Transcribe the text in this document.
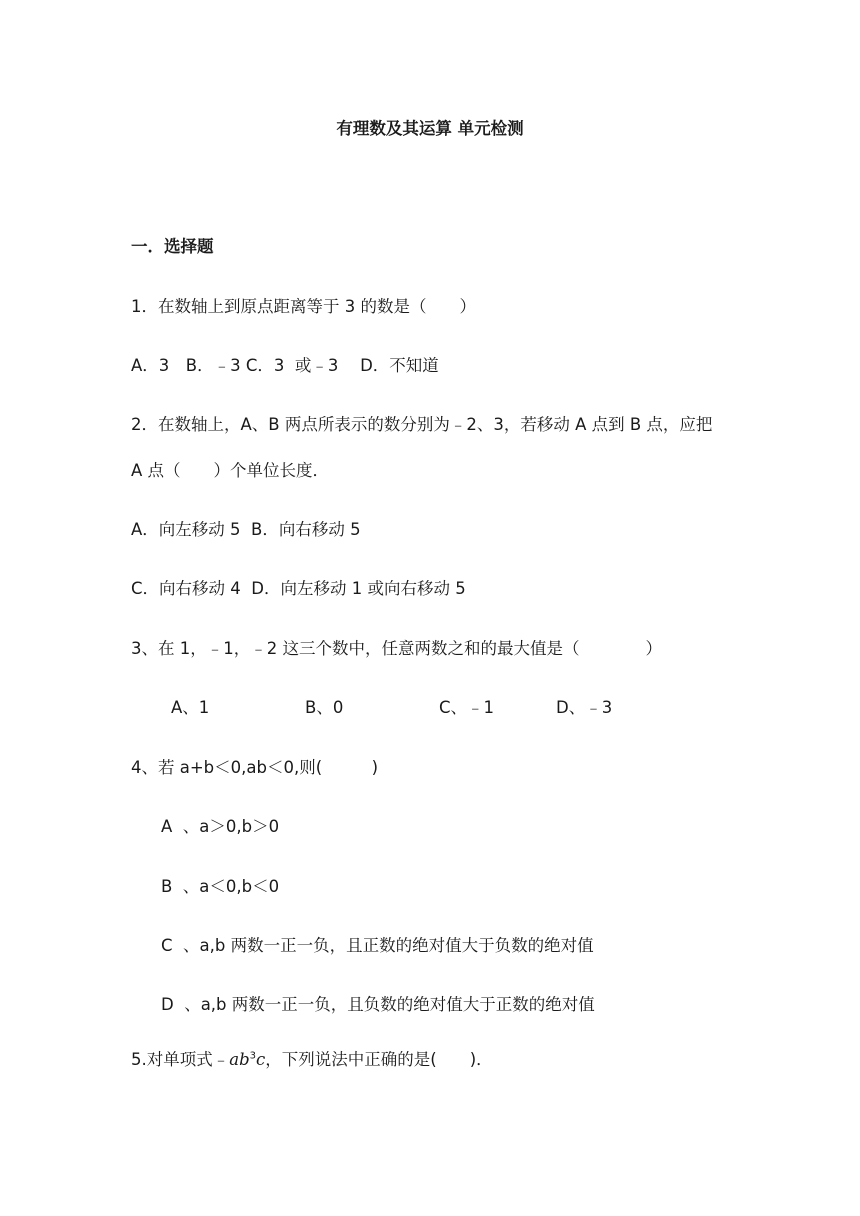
有理数及其运算 单元检测
一．选择题
1．在数轴上到原点距离等于 3 的数是（　　）
A．3　B．﹣3 C．3  或﹣3　 D．不知道
2．在数轴上，A、B 两点所表示的数分别为﹣2、3，若移动 A 点到 B 点，应把
A 点（　　）个单位长度．
A．向左移动 5  B．向右移动 5
C．向右移动 4  D．向左移动 1 或向右移动 5
3、在 1，﹣1，﹣2 这三个数中，任意两数之和的最大值是（　　　　）
A、1	B、0	C、﹣1	D、﹣3
4、若 a+b＜0,ab＜0,则(　　　)
A  、a＞0,b＞0
B  、a＜0,b＜0
C  、a,b 两数一正一负，且正数的绝对值大于负数的绝对值
D  、a,b 两数一正一负，且负数的绝对值大于正数的绝对值
5.对单项式$﹣ab^3c$，下列说法中正确的是(　　)．
